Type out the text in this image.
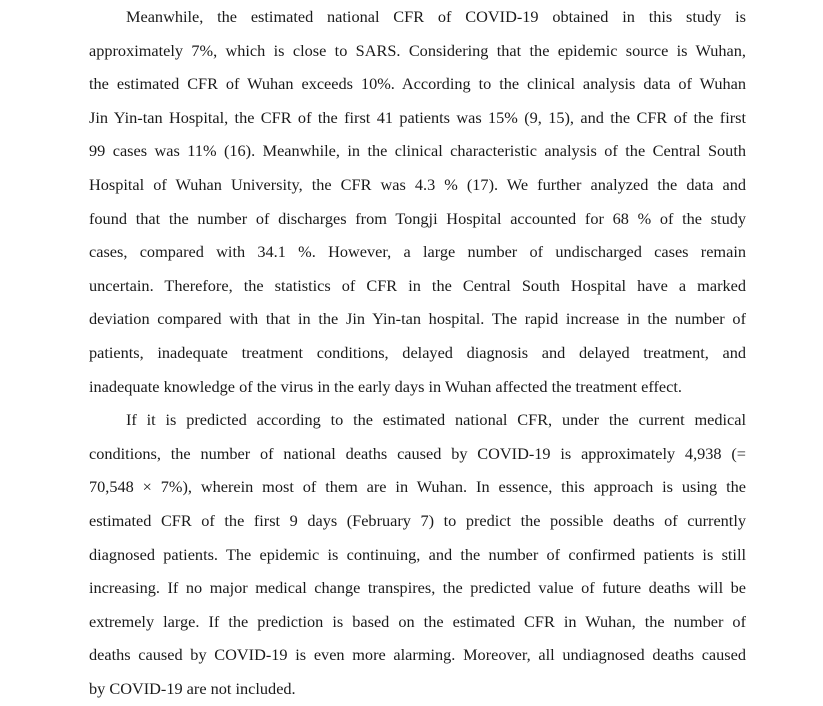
Meanwhile, the estimated national CFR of COVID-19 obtained in this study is
approximately 7%, which is close to SARS. Considering that the epidemic source is Wuhan,
the estimated CFR of Wuhan exceeds 10%. According to the clinical analysis data of Wuhan
Jin Yin-tan Hospital, the CFR of the first 41 patients was 15% (9, 15), and the CFR of the first
99 cases was 11% (16). Meanwhile, in the clinical characteristic analysis of the Central South
Hospital of Wuhan University, the CFR was 4.3 % (17). We further analyzed the data and
found that the number of discharges from Tongji Hospital accounted for 68 % of the study
cases, compared with 34.1 %. However, a large number of undischarged cases remain
uncertain. Therefore, the statistics of CFR in the Central South Hospital have a marked
deviation compared with that in the Jin Yin-tan hospital. The rapid increase in the number of
patients, inadequate treatment conditions, delayed diagnosis and delayed treatment, and
inadequate knowledge of the virus in the early days in Wuhan affected the treatment effect.
If it is predicted according to the estimated national CFR, under the current medical
conditions, the number of national deaths caused by COVID-19 is approximately 4,938 (=
70,548 × 7%), wherein most of them are in Wuhan. In essence, this approach is using the
estimated CFR of the first 9 days (February 7) to predict the possible deaths of currently
diagnosed patients. The epidemic is continuing, and the number of confirmed patients is still
increasing. If no major medical change transpires, the predicted value of future deaths will be
extremely large. If the prediction is based on the estimated CFR in Wuhan, the number of
deaths caused by COVID-19 is even more alarming. Moreover, all undiagnosed deaths caused
by COVID-19 are not included.
